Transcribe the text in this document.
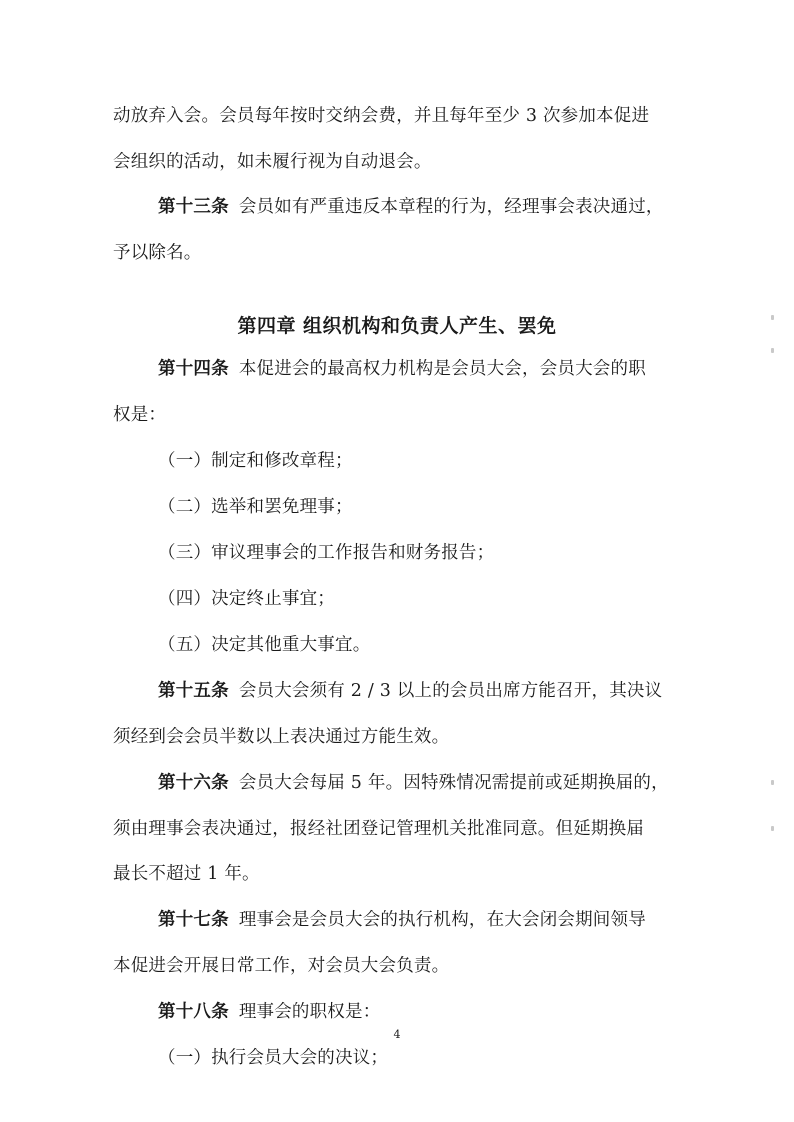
动放弃入会。会员每年按时交纳会费，并且每年至少 3 次参加本促进
会组织的活动，如未履行视为自动退会。
第十三条 会员如有严重违反本章程的行为，经理事会表决通过，
予以除名。
第四章 组织机构和负责人产生、罢免
第十四条 本促进会的最高权力机构是会员大会，会员大会的职
权是：
（一）制定和修改章程；
（二）选举和罢免理事；
（三）审议理事会的工作报告和财务报告；
（四）决定终止事宜；
（五）决定其他重大事宜。
第十五条 会员大会须有 2 / 3 以上的会员出席方能召开，其决议
须经到会会员半数以上表决通过方能生效。
第十六条 会员大会每届 5 年。因特殊情况需提前或延期换届的，
须由理事会表决通过，报经社团登记管理机关批准同意。但延期换届
最长不超过 1 年。
第十七条 理事会是会员大会的执行机构，在大会闭会期间领导
本促进会开展日常工作，对会员大会负责。
第十八条 理事会的职权是：
（一）执行会员大会的决议；
4
